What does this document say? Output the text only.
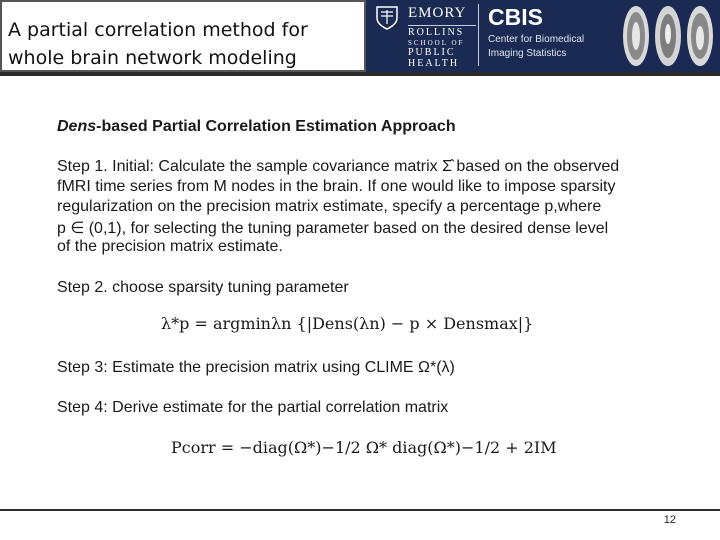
A partial correlation method for
whole brain network modeling
EMORY
ROLLINS
SCHOOL OF
PUBLIC
HEALTH
CBIS
Center for Biomedical
Imaging Statistics
Dens-based Partial Correlation Estimation Approach
Step 1. Initial: Calculate the sample covariance matrix Σ̂ based on the observed
fMRI time series from M nodes in the brain. If one would like to impose sparsity
regularization on the precision matrix estimate, specify a percentage p,where
p ∈ (0,1), for selecting the tuning parameter based on the desired dense level
of the precision matrix estimate.
Step 2. choose sparsity tuning parameter
λ*p = argminλn {|Dens(λn) − p × Densmax|}
Step 3: Estimate the precision matrix using CLIME Ω*(λ)
Step 4: Derive estimate for the partial correlation matrix
Pcorr = −diag(Ω*)−1/2 Ω* diag(Ω*)−1/2 + 2IM
12
